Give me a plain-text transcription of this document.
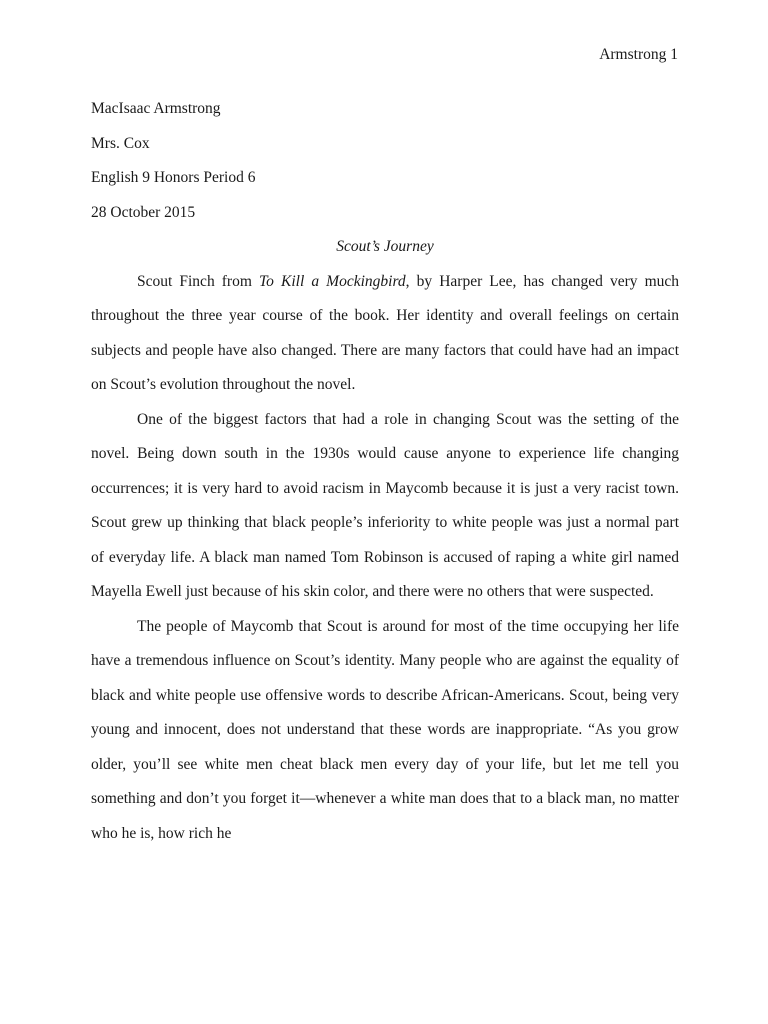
Armstrong 1

MacIsaac Armstrong

Mrs. Cox

English 9 Honors Period 6

28 October 2015

Scout’s Journey

Scout Finch from To Kill a Mockingbird, by Harper Lee, has changed very much throughout the three year course of the book. Her identity and overall feelings on certain subjects and people have also changed. There are many factors that could have had an impact on Scout’s evolution throughout the novel.

One of the biggest factors that had a role in changing Scout was the setting of the novel. Being down south in the 1930s would cause anyone to experience life changing occurrences; it is very hard to avoid racism in Maycomb because it is just a very racist town. Scout grew up thinking that black people’s inferiority to white people was just a normal part of everyday life. A black man named Tom Robinson is accused of raping a white girl named Mayella Ewell just because of his skin color, and there were no others that were suspected.

The people of Maycomb that Scout is around for most of the time occupying her life have a tremendous influence on Scout’s identity. Many people who are against the equality of black and white people use offensive words to describe African-Americans. Scout, being very young and innocent, does not understand that these words are inappropriate. “As you grow older, you’ll see white men cheat black men every day of your life, but let me tell you something and don’t you forget it—whenever a white man does that to a black man, no matter who he is, how rich he
